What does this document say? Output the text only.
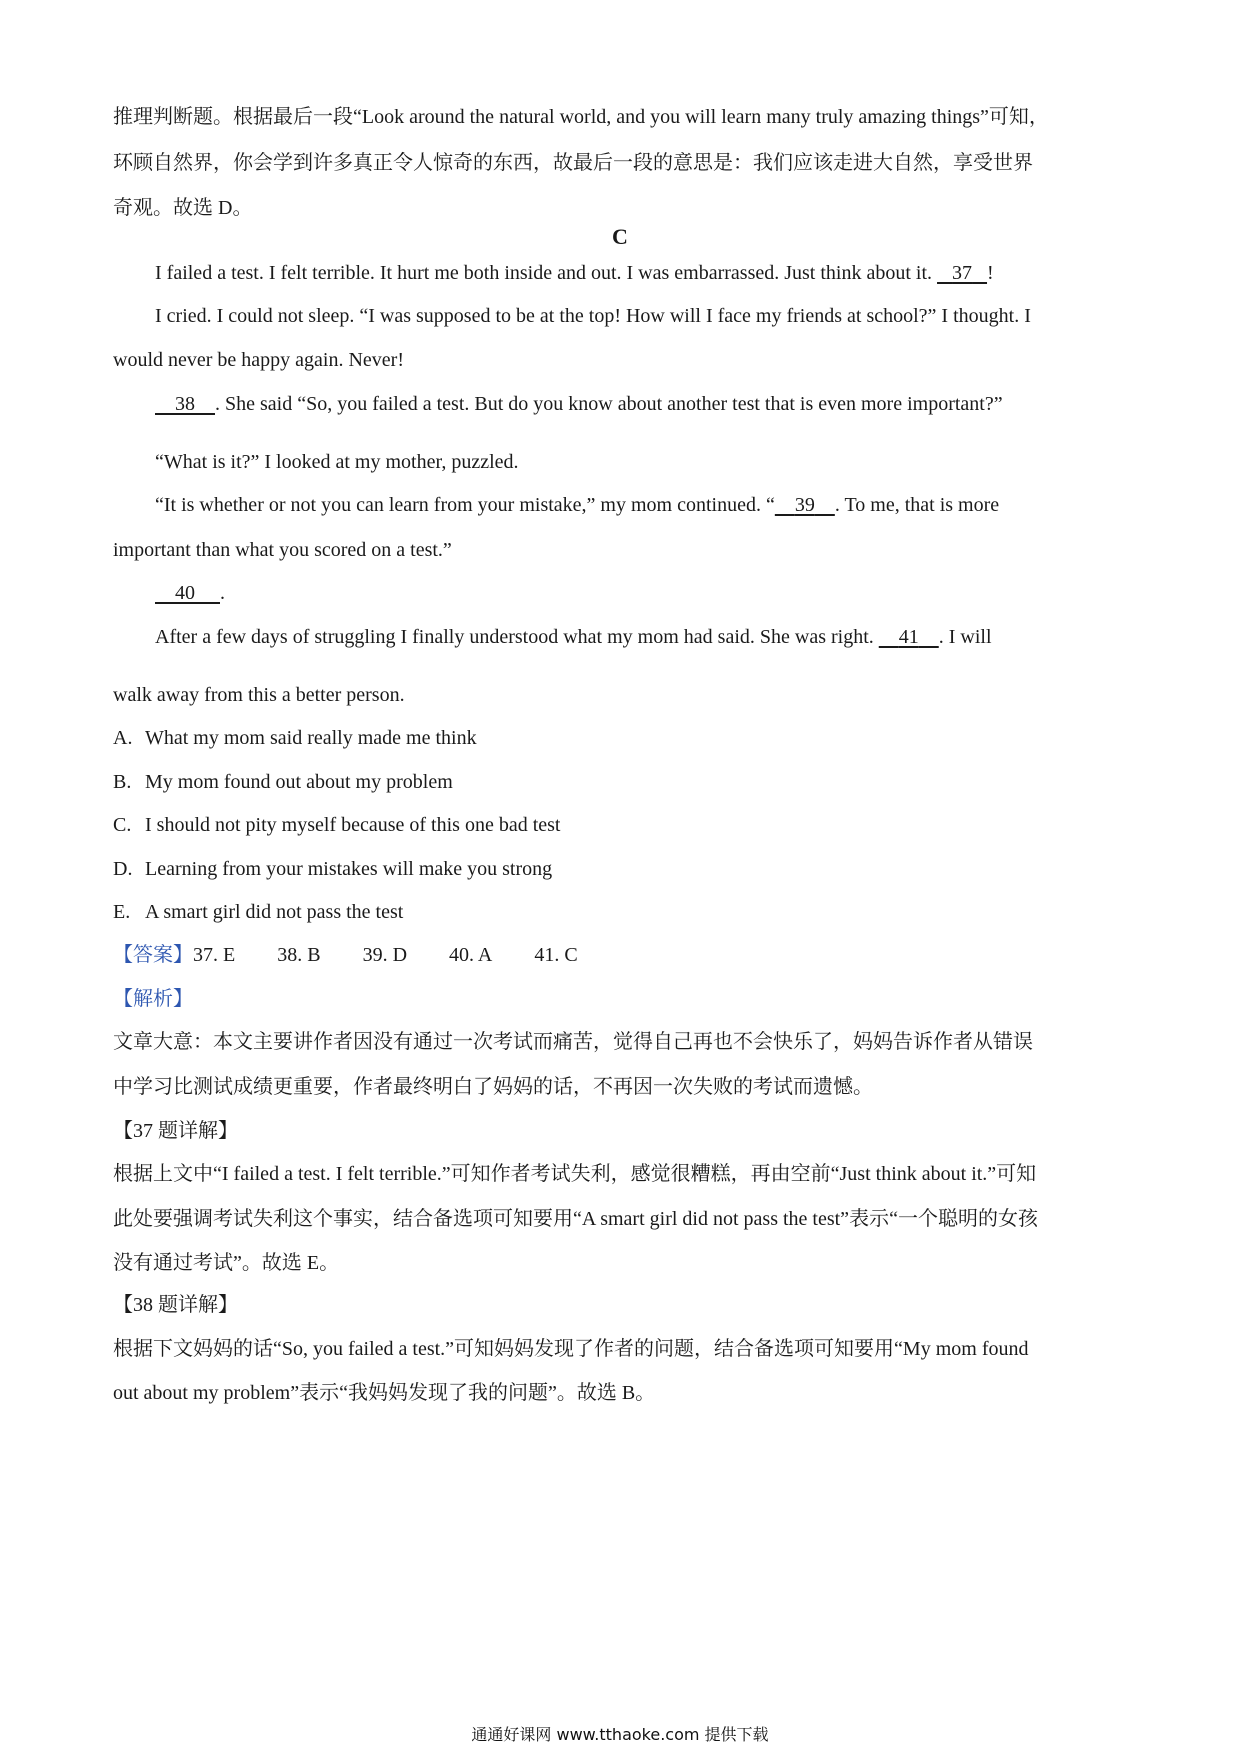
推理判断题。根据最后一段“Look around the natural world, and you will learn many truly amazing things”可知，
环顾自然界，你会学到许多真正令人惊奇的东西，故最后一段的意思是：我们应该走进大自然，享受世界
奇观。故选 D。
C
I failed a test. I felt terrible. It hurt me both inside and out. I was embarrassed. Just think about it.    37 !
I cried. I could not sleep. “I was supposed to be at the top! How will I face my friends at school?” I thought. I
would never be happy again. Never!
38 . She said “So, you failed a test. But do you know about another test that is even more important?”
“What is it?” I looked at my mother, puzzled.
“It is whether or not you can learn from your mistake,” my mom continued. “ 39 . To me, that is more
important than what you scored on a test.”
40 .
After a few days of struggling I finally understood what my mom had said. She was right.     41 . I will
walk away from this a better person.
A. What my mom said really made me think
B. My mom found out about my problem
C. I should not pity myself because of this one bad test
D. Learning from your mistakes will make you strong
E. A smart girl did not pass the test
【答案】37. E 38. B 39. D 40. A 41. C
【解析】
文章大意：本文主要讲作者因没有通过一次考试而痛苦，觉得自己再也不会快乐了，妈妈告诉作者从错误
中学习比测试成绩更重要，作者最终明白了妈妈的话，不再因一次失败的考试而遗憾。
【37 题详解】
根据上文中“I failed a test. I felt terrible.”可知作者考试失利，感觉很糟糕，再由空前“Just think about it.”可知
此处要强调考试失利这个事实，结合备选项可知要用“A smart girl did not pass the test”表示“一个聪明的女孩
没有通过考试”。故选 E。
【38 题详解】
根据下文妈妈的话“So, you failed a test.”可知妈妈发现了作者的问题，结合备选项可知要用“My mom found
out about my problem”表示“我妈妈发现了我的问题”。故选 B。
通通好课网 www.tthaoke.com 提供下载
